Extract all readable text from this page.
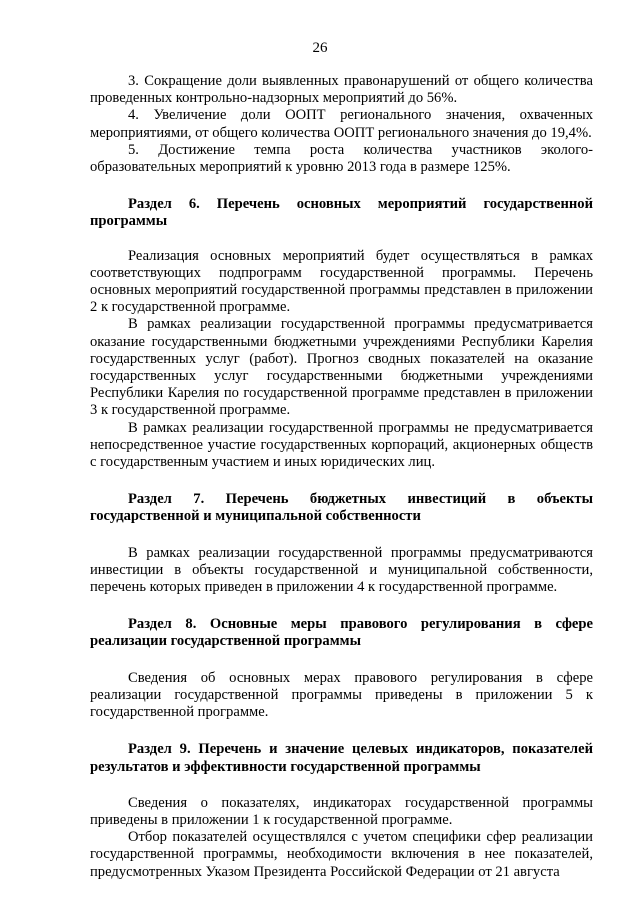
26

3. Сокращение доли выявленных правонарушений от общего количества проведенных контрольно-надзорных мероприятий до 56%.

4. Увеличение доли ООПТ регионального значения, охваченных мероприятиями, от общего количества ООПТ регионального значения до 19,4%.

5. Достижение темпа роста количества участников эколого-образовательных мероприятий к уровню 2013 года в размере 125%.

Раздел 6. Перечень основных мероприятий государственной программы

Реализация основных мероприятий будет осуществляться в рамках соответствующих подпрограмм государственной программы. Перечень основных мероприятий государственной программы представлен в приложении 2 к государственной программе.

В рамках реализации государственной программы предусматривается оказание государственными бюджетными учреждениями Республики Карелия государственных услуг (работ). Прогноз сводных показателей на оказание государственных услуг государственными бюджетными учреждениями Республики Карелия по государственной программе представлен в приложении 3 к государственной программе.

В рамках реализации государственной программы не предусматривается непосредственное участие государственных корпораций, акционерных обществ с государственным участием и иных юридических лиц.

Раздел 7. Перечень бюджетных инвестиций в объекты государственной и муниципальной собственности

В рамках реализации государственной программы предусматриваются инвестиции в объекты государственной и муниципальной собственности, перечень которых приведен в приложении 4 к государственной программе.

Раздел 8. Основные меры правового регулирования в сфере реализации государственной программы

Сведения об основных мерах правового регулирования в сфере реализации государственной программы приведены в приложении 5 к государственной программе.

Раздел 9. Перечень и значение целевых индикаторов, показателей результатов и эффективности государственной программы

Сведения о показателях, индикаторах государственной программы приведены в приложении 1 к государственной программе.

Отбор показателей осуществлялся с учетом специфики сфер реализации государственной программы, необходимости включения в нее показателей, предусмотренных Указом Президента Российской Федерации от 21 августа
